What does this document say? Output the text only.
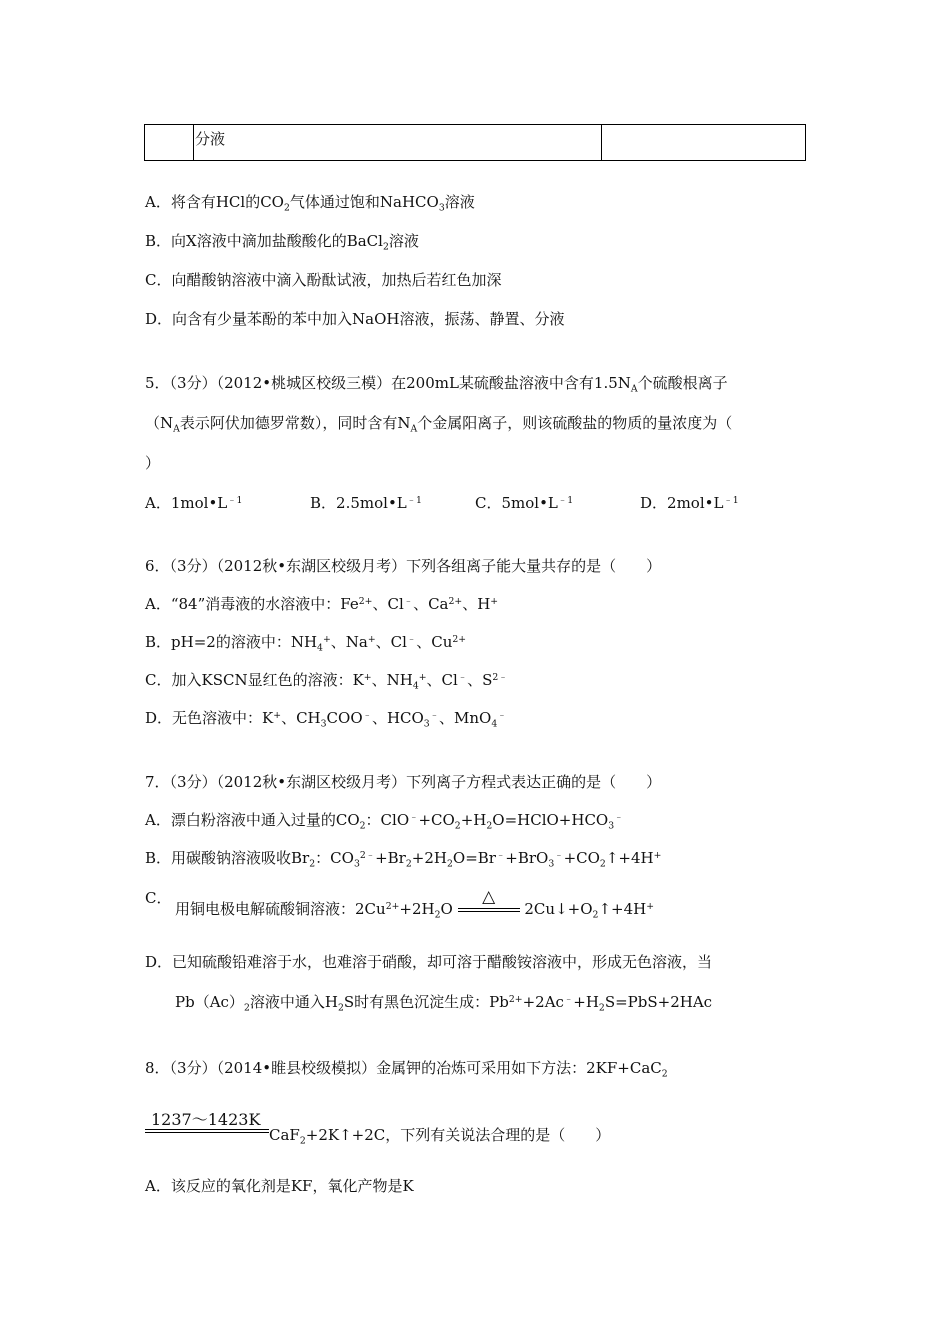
分液
A．将含有HCl的$CO_2$气体通过饱和NaHCO$_3$溶液
B．向X溶液中滴加盐酸酸化的BaCl$_2$溶液
C．向醋酸钠溶液中滴入酚酞试液，加热后若红色加深
D．向含有少量苯酚的苯中加入NaOH溶液，振荡、静置、分液
5．（3分）（2012•桃城区校级三模）在200mL某硫酸盐溶液中含有$1.5N_A$个硫酸根离子
（$N_A$表示阿伏加德罗常数），同时含有$N_A$个金属阳离子，则该硫酸盐的物质的量浓度为（
）
A．$1mol•L^{﹣1}$	B．$2.5mol•L^{﹣1}$	C．$5mol•L^{﹣1}$	D．$2mol•L^{﹣1}$
6．（3分）（2012秋•东湖区校级月考）下列各组离子能大量共存的是（　　）
A．“84”消毒液的水溶液中：$Fe^{2+}$、Cl﹣、$Ca^{2+}$、H+
B．pH=2的溶液中：$NH_4^+$、Na+、Cl﹣、$Cu^{2+}$
C．加入KSCN显红色的溶液：K+、$NH_4^+$、Cl﹣、$S^{2﹣}$
D．无色溶液中：K+、$CH_3COO^﹣$、$HCO_3^﹣$、MnO$_4$﹣
7．（3分）（2012秋•东湖区校级月考）下列离子方程式表达正确的是（　　）
A．漂白粉溶液中通入过量的$CO_2$：$ClO^﹣+CO_2+H_2O=HClO+HCO_3^﹣$
B．用碳酸钠溶液吸收$Br_2$：$CO_3^{2﹣}+Br_2+2H_2O=Br^﹣+BrO_3^﹣+CO_2↑+4H^+$
C．
用铜电极电解硫酸铜溶液：$2Cu^{2+}+2H_2O$
△
$2Cu↓+O_2↑+4H^+$
D．已知硫酸铅难溶于水，也难溶于硝酸，却可溶于醋酸铵溶液中，形成无色溶液，当
$Pb(Ac)_2$溶液中通入$H_2S$时有黑色沉淀生成：$Pb^{2+}+2Ac^﹣+H_2S=PbS+2HAc$
8．（3分）（2014•睢县校级模拟）金属钾的冶炼可采用如下方法：2KF+CaC$_2$
1237～1423K
CaF$_2$+2K↑+2C，下列有关说法合理的是（　　）
A．该反应的氧化剂是KF，氧化产物是K
